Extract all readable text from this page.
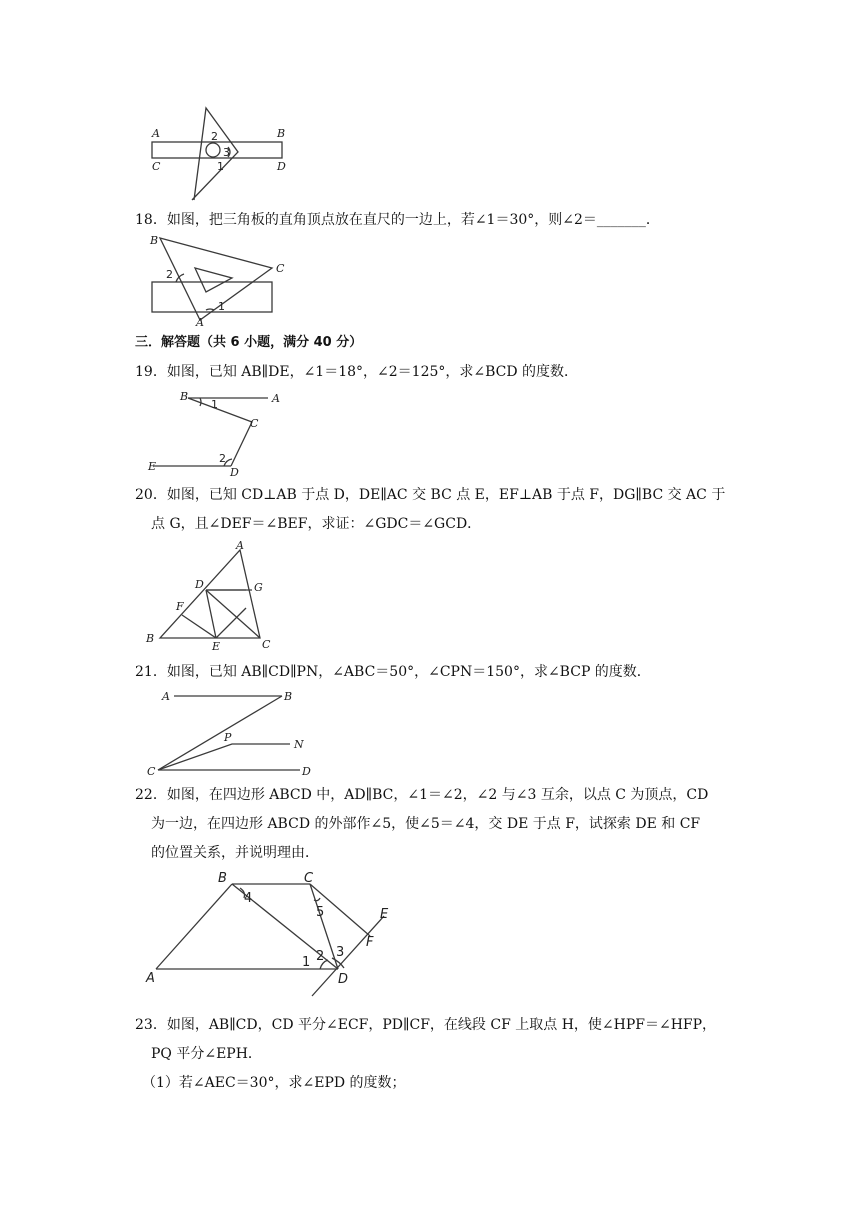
A	B
C	D
2
3
1
18．如图，把三角板的直角顶点放在直尺的一边上，若∠1＝30°，则∠2＝_______．
B
C
A
2
1
三．解答题（共 6 小题，满分 40 分）
19．如图，已知 AB∥DE，∠1＝18°，∠2＝125°，求∠BCD 的度数．
B	A
C
E	D
1
2
20．如图，已知 CD⊥AB 于点 D，DE∥AC 交 BC 点 E，EF⊥AB 于点 F，DG∥BC 交 AC 于
点 G，且∠DEF＝∠BEF，求证：∠GDC＝∠GCD．
A
D	G
F
B
E	C
21．如图，已知 AB∥CD∥PN，∠ABC＝50°，∠CPN＝150°，求∠BCP 的度数．
A	B
P
N
C	D
22．如图，在四边形 ABCD 中，AD∥BC，∠1＝∠2，∠2 与∠3 互余，以点 C 为顶点，CD
为一边，在四边形 ABCD 的外部作∠5，使∠5＝∠4，交 DE 于点 F，试探索 DE 和 CF
的位置关系，并说明理由．
B	C
E
F
A	D
4
5
2 3
1
23．如图，AB∥CD，CD 平分∠ECF，PD∥CF，在线段 CF 上取点 H，使∠HPF＝∠HFP，
PQ 平分∠EPH．
（1）若∠AEC＝30°，求∠EPD 的度数；
